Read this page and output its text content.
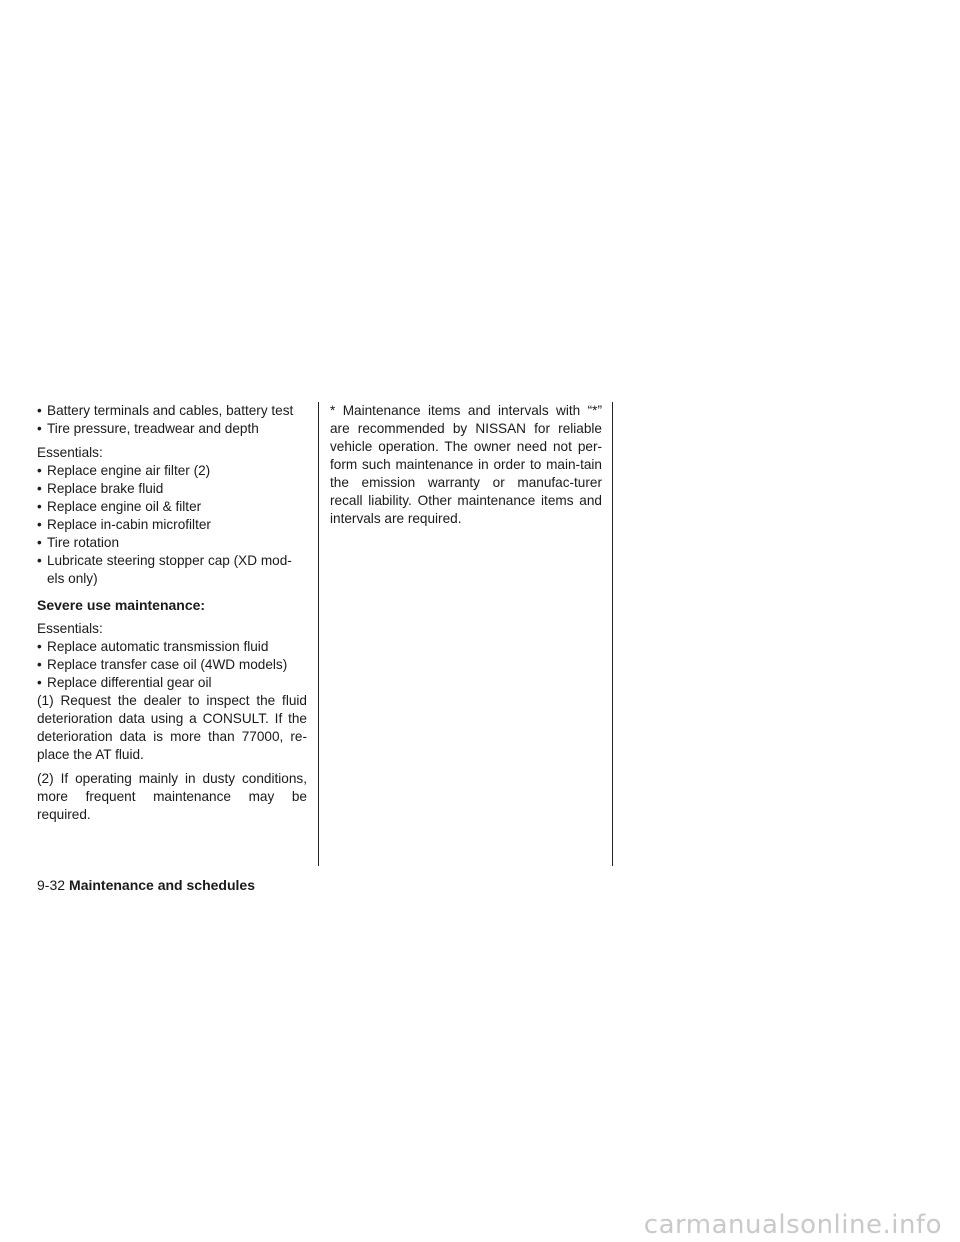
• Battery terminals and cables, battery test
• Tire pressure, treadwear and depth
Essentials:
• Replace engine air filter (2)
• Replace brake fluid
• Replace engine oil & filter
• Replace in-cabin microfilter
• Tire rotation
• Lubricate steering stopper cap (XD mod-els only)
Severe use maintenance:
Essentials:
• Replace automatic transmission fluid
• Replace transfer case oil (4WD models)
• Replace differential gear oil

(1) Request the dealer to inspect the fluid deterioration data using a CONSULT. If the deterioration data is more than 77000, re-place the AT fluid.

(2) If operating mainly in dusty conditions, more frequent maintenance may be required.

* Maintenance items and intervals with “*” are recommended by NISSAN for reliable vehicle operation. The owner need not per-form such maintenance in order to main-tain the emission warranty or manufac-turer recall liability. Other maintenance items and intervals are required.

9-32 Maintenance and schedules
carmanualsonline.info
